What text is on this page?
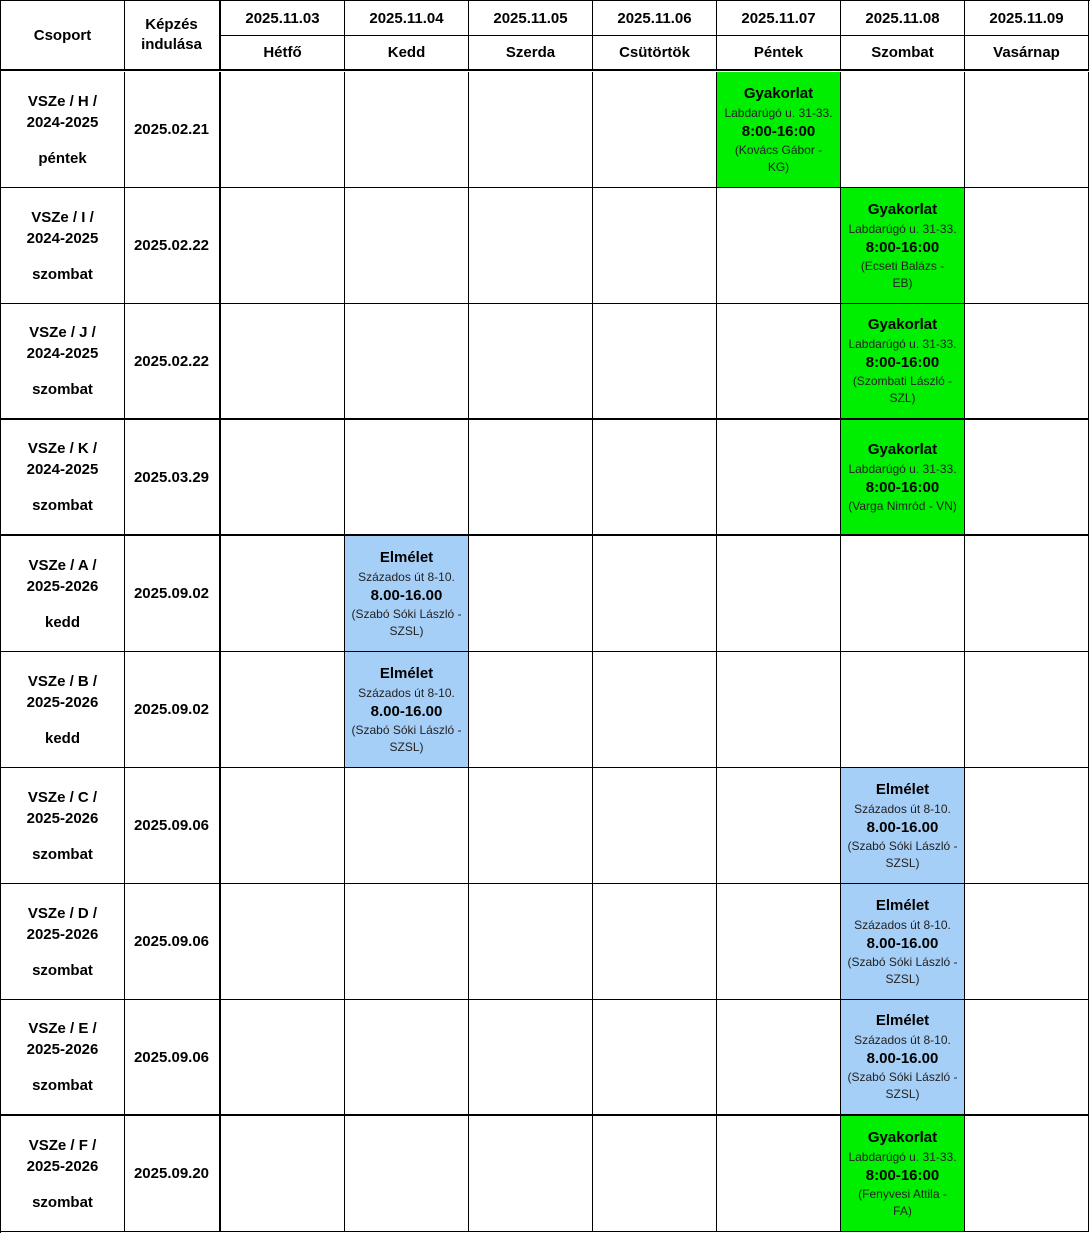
Csoport
Képzés
indulása
2025.11.03
Hétfő
2025.11.04
Kedd
2025.11.05
Szerda
2025.11.06
Csütörtök
2025.11.07
Péntek
2025.11.08
Szombat
2025.11.09
Vasárnap
VSZe / H /
2024-2025
péntek
2025.02.21
Gyakorlat
Labdarúgó u. 31-33.
8:00-16:00
(Kovács Gábor -
KG)
VSZe / I /
2024-2025
szombat
2025.02.22
Gyakorlat
Labdarúgó u. 31-33.
8:00-16:00
(Ecseti Balázs -
EB)
VSZe / J /
2024-2025
szombat
2025.02.22
Gyakorlat
Labdarúgó u. 31-33.
8:00-16:00
(Szombati László -
SZL)
VSZe / K /
2024-2025
szombat
2025.03.29
Gyakorlat
Labdarúgó u. 31-33.
8:00-16:00
(Varga Nimród - VN)
VSZe / A /
2025-2026
kedd
2025.09.02
Elmélet
Százados út 8-10.
8.00-16.00
(Szabó Sóki László -
SZSL)
VSZe / B /
2025-2026
kedd
2025.09.02
Elmélet
Százados út 8-10.
8.00-16.00
(Szabó Sóki László -
SZSL)
VSZe / C /
2025-2026
szombat
2025.09.06
Elmélet
Százados út 8-10.
8.00-16.00
(Szabó Sóki László -
SZSL)
VSZe / D /
2025-2026
szombat
2025.09.06
Elmélet
Százados út 8-10.
8.00-16.00
(Szabó Sóki László -
SZSL)
VSZe / E /
2025-2026
szombat
2025.09.06
Elmélet
Százados út 8-10.
8.00-16.00
(Szabó Sóki László -
SZSL)
VSZe / F /
2025-2026
szombat
2025.09.20
Gyakorlat
Labdarúgó u. 31-33.
8:00-16:00
(Fenyvesi Attila -
FA)
